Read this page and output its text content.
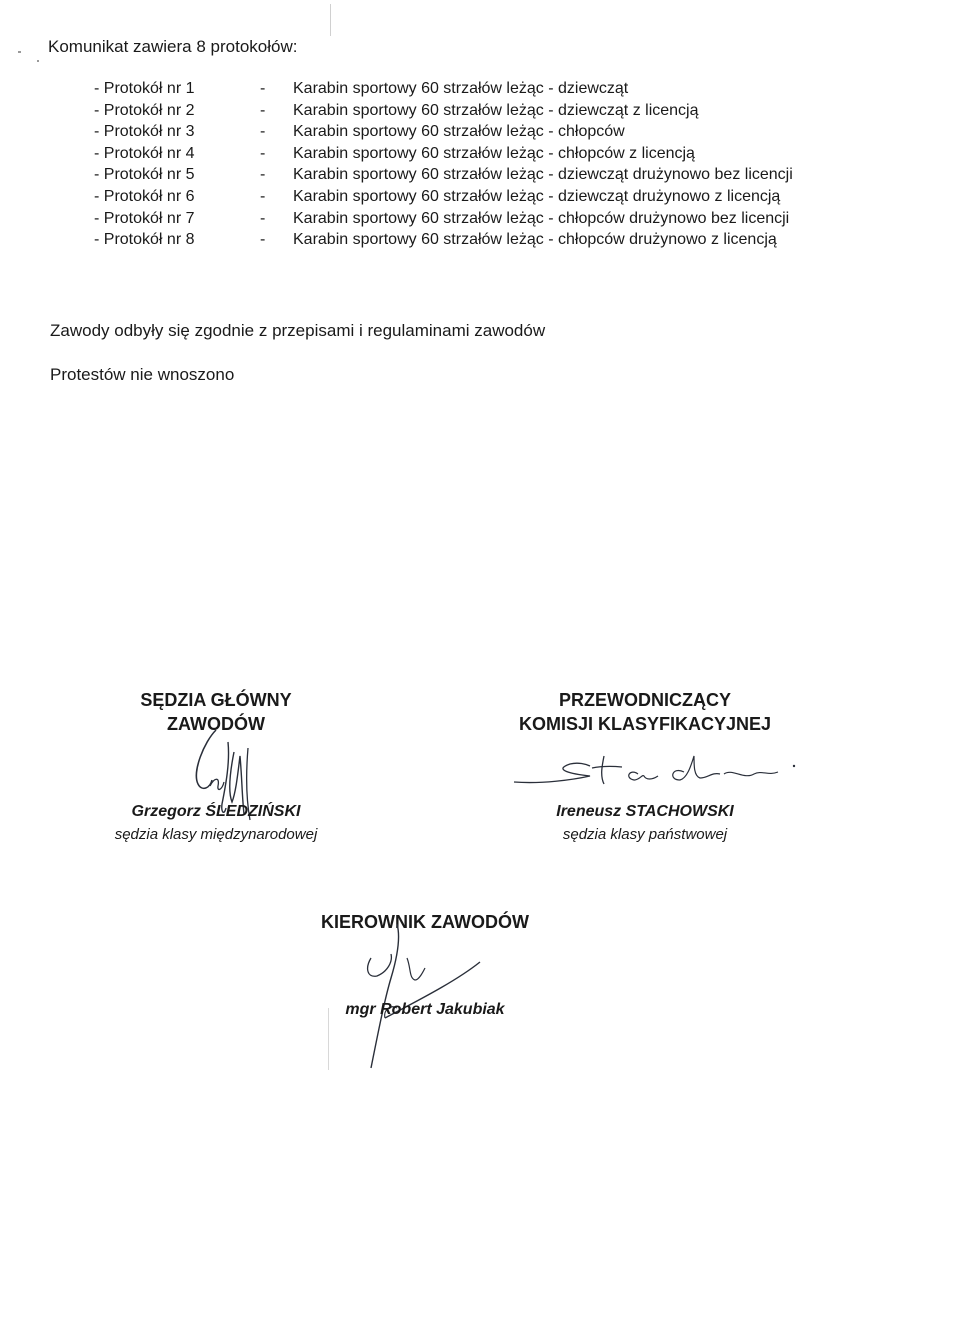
Komunikat zawiera 8 protokołów:
- Protokół nr 1	- Karabin sportowy 60 strzałów leżąc - dziewcząt
- Protokół nr 2	- Karabin sportowy 60 strzałów leżąc - dziewcząt z licencją
- Protokół nr 3	- Karabin sportowy 60 strzałów leżąc - chłopców
- Protokół nr 4	- Karabin sportowy 60 strzałów leżąc - chłopców z licencją
- Protokół nr 5	- Karabin sportowy 60 strzałów leżąc - dziewcząt drużynowo bez licencji
- Protokół nr 6	- Karabin sportowy 60 strzałów leżąc - dziewcząt drużynowo z licencją
- Protokół nr 7	- Karabin sportowy 60 strzałów leżąc - chłopców drużynowo bez licencji
- Protokół nr 8	- Karabin sportowy 60 strzałów leżąc - chłopców drużynowo z licencją
Zawody odbyły się zgodnie z przepisami i regulaminami zawodów
Protestów nie wnoszono
SĘDZIA GŁÓWNY
ZAWODÓW
Grzegorz ŚLEDZIŃSKI
sędzia klasy międzynarodowej
PRZEWODNICZĄCY
KOMISJI KLASYFIKACYJNEJ
Ireneusz STACHOWSKI
sędzia klasy państwowej
KIEROWNIK ZAWODÓW
mgr Robert Jakubiak
